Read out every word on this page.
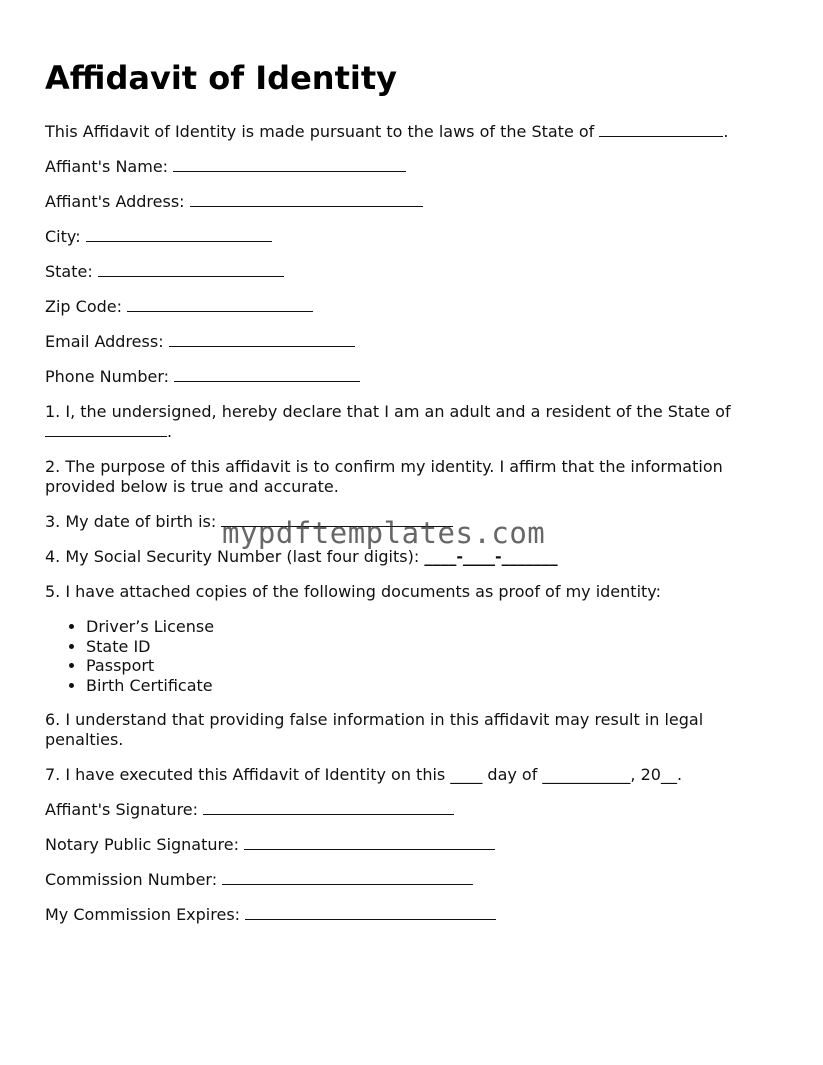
Affidavit of Identity

This Affidavit of Identity is made pursuant to the laws of the State of	.

Affiant's Name:

Affiant's Address:

City:

State:

Zip Code:

Email Address:

Phone Number:

1. I, the undersigned, hereby declare that I am an adult and a resident of the State of
.

2. The purpose of this affidavit is to confirm my identity. I affirm that the information provided below is true and accurate.

3. My date of birth is:

4. My Social Security Number (last four digits): ____-____-_______

5. I have attached copies of the following documents as proof of my identity:

• Driver’s License
• State ID
• Passport
• Birth Certificate

6. I understand that providing false information in this affidavit may result in legal penalties.

7. I have executed this Affidavit of Identity on this ____ day of ___________, 20__.

Affiant's Signature:

Notary Public Signature:

Commission Number:

My Commission Expires:

mypdftemplates.com
